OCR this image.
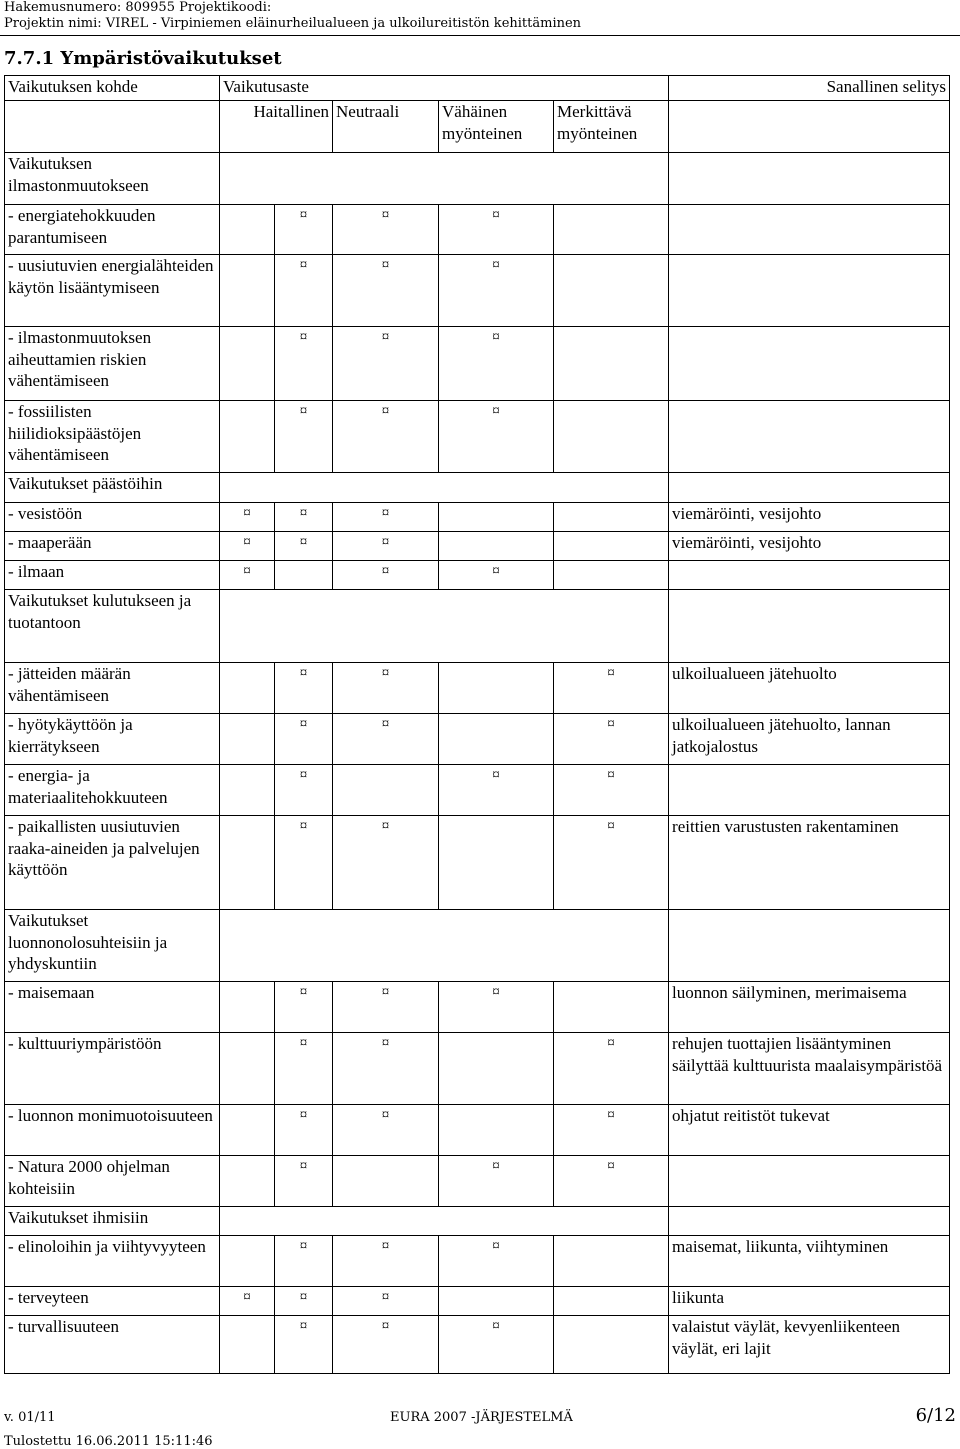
Hakemusnumero: 809955 Projektikoodi:
Projektin nimi: VIREL - Virpiniemen eläinurheilualueen ja ulkoilureitistön kehittäminen
7.7.1 Ympäristövaikutukset
Vaikutuksen kohde	Vaikutusaste					Sanallinen selitys
	Haitallinen		Neutraali	Vähäinen myönteinen	Merkittävä myönteinen	
Vaikutuksen ilmastonmuutokseen						
- energiatehokkuuden parantumiseen		¤	¤	¤		
- uusiutuvien energialähteiden käytön lisääntymiseen		¤	¤	¤		
- ilmastonmuutoksen aiheuttamien riskien vähentämiseen		¤	¤	¤		
- fossiilisten hiilidioksipäästöjen vähentämiseen		¤	¤	¤		
Vaikutukset päästöihin						
- vesistöön	¤	¤	¤			viemäröinti, vesijohto
- maaperään	¤	¤	¤			viemäröinti, vesijohto
- ilmaan	¤		¤	¤		
Vaikutukset kulutukseen ja tuotantoon						
- jätteiden määrän vähentämiseen		¤	¤		¤	ulkoilualueen jätehuolto
- hyötykäyttöön ja kierrätykseen		¤	¤		¤	ulkoilualueen jätehuolto, lannan jatkojalostus
- energia- ja materiaalitehokkuuteen		¤		¤	¤	
- paikallisten uusiutuvien raaka-aineiden ja palvelujen käyttöön		¤	¤		¤	reittien varustusten rakentaminen
Vaikutukset luonnonolosuhteisiin ja yhdyskuntiin						
- maisemaan		¤	¤	¤		luonnon säilyminen, merimaisema
- kulttuuriympäristöön		¤	¤		¤	rehujen tuottajien lisääntyminen säilyttää kulttuurista maalaisympäristöä
- luonnon monimuotoisuuteen		¤	¤		¤	ohjatut reitistöt tukevat
- Natura 2000 ohjelman kohteisiin		¤		¤	¤	
Vaikutukset ihmisiin						
- elinoloihin ja viihtyvyyteen		¤	¤	¤		maisemat, liikunta, viihtyminen
- terveyteen	¤	¤	¤			liikunta
- turvallisuuteen		¤	¤	¤		valaistut väylät, kevyenliikenteen väylät, eri lajit
v. 01/11	EURA 2007 -JÄRJESTELMÄ	6/12
Tulostettu 16.06.2011 15:11:46
